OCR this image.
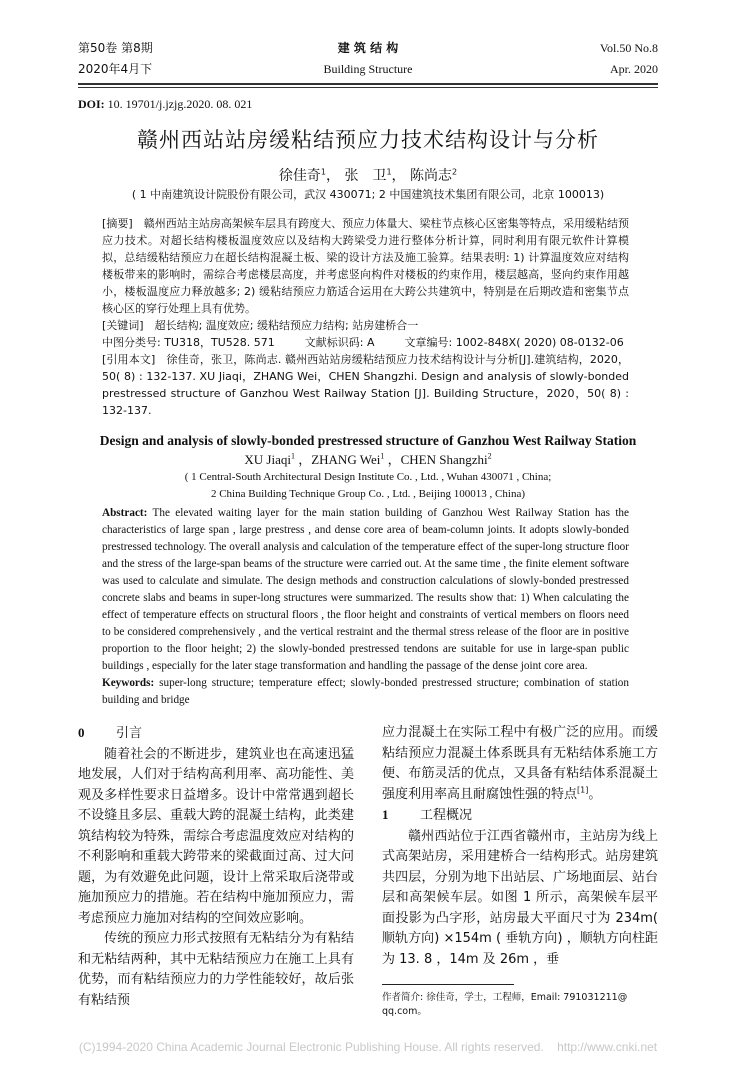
第50卷 第8期	建 筑 结 构	Vol.50 No.8
2020年4月下	Building Structure	Apr. 2020
DOI: 10. 19701/j.jzjg.2020. 08. 021
赣州西站站房缓粘结预应力技术结构设计与分析
徐佳奇$^1$， 张　卫$^1$， 陈尚志$^2$
( 1 中南建筑设计院股份有限公司，武汉 430071; 2 中国建筑技术集团有限公司，北京 100013)
[摘要]　赣州西站主站房高架候车层具有跨度大、预应力体量大、梁柱节点核心区密集等特点，采用缓粘结预应力技术。对超长结构楼板温度效应以及结构大跨梁受力进行整体分析计算，同时利用有限元软件计算模拟，总结缓粘结预应力在超长结构混凝土板、梁的设计方法及施工验算。结果表明: 1) 计算温度效应对结构楼板带来的影响时，需综合考虑楼层高度，并考虑竖向构件对楼板的约束作用，楼层越高，竖向约束作用越小，楼板温度应力释放越多; 2) 缓粘结预应力筋适合运用在大跨公共建筑中，特别是在后期改造和密集节点核心区的穿行处理上具有优势。
[关键词]　超长结构; 温度效应; 缓粘结预应力结构; 站房建桥合一
中图分类号: TU318，TU528. 571	文献标识码: A	文章编号: 1002-848X( 2020) 08-0132-06
[引用本文]　徐佳奇，张卫，陈尚志. 赣州西站站房缓粘结预应力技术结构设计与分析[J].建筑结构，2020，50( 8) : 132-137. XU Jiaqi，ZHANG Wei，CHEN Shangzhi. Design and analysis of slowly-bonded prestressed structure of Ganzhou West Railway Station [J]. Building Structure，2020，50( 8) : 132-137.
Design and analysis of slowly-bonded prestressed structure of Ganzhou West Railway Station
XU Jiaqi$^1$ ，ZHANG Wei$^1$ ，CHEN Shangzhi$^2$
( 1 Central-South Architectural Design Institute Co. , Ltd. , Wuhan 430071 , China;
2 China Building Technique Group Co. , Ltd. , Beijing 100013 , China)
Abstract: The elevated waiting layer for the main station building of Ganzhou West Railway Station has the characteristics of large span , large prestress , and dense core area of beam-column joints. It adopts slowly-bonded prestressed technology. The overall analysis and calculation of the temperature effect of the super-long structure floor and the stress of the large-span beams of the structure were carried out. At the same time , the finite element software was used to calculate and simulate. The design methods and construction calculations of slowly-bonded prestressed concrete slabs and beams in super-long structures were summarized. The results show that: 1) When calculating the effect of temperature effects on structural floors , the floor height and constraints of vertical members on floors need to be considered comprehensively , and the vertical restraint and the thermal stress release of the floor are in positive proportion to the floor height; 2) the slowly-bonded prestressed tendons are suitable for use in large-span public buildings , especially for the later stage transformation and handling the passage of the dense joint core area.
Keywords: super-long structure; temperature effect; slowly-bonded prestressed structure; combination of station building and bridge
0 引言

随着社会的不断进步，建筑业也在高速迅猛地发展，人们对于结构高利用率、高功能性、美观及多样性要求日益增多。设计中常常遇到超长不设缝且多层、重载大跨的混凝土结构，此类建筑结构较为特殊，需综合考虑温度效应对结构的不利影响和重载大跨带来的梁截面过高、过大问题，为有效避免此问题，设计上常采取后浇带或施加预应力的措施。若在结构中施加预应力，需考虑预应力施加对结构的空间效应影响。

传统的预应力形式按照有无粘结分为有粘结和无粘结两种，其中无粘结预应力在施工上具有优势，而有粘结预应力的力学性能较好，故后张有粘结预

应力混凝土在实际工程中有极广泛的应用。而缓粘结预应力混凝土体系既具有无粘结体系施工方便、布筋灵活的优点，又具备有粘结体系混凝土强度利用率高且耐腐蚀性强的特点[1]。

1 工程概况

赣州西站位于江西省赣州市，主站房为线上式高架站房，采用建桥合一结构形式。站房建筑共四层，分别为地下出站层、广场地面层、站台层和高架候车层。如图 1 所示，高架候车层平面投影为凸字形，站房最大平面尺寸为 234m( 顺轨方向) ×154m ( 垂轨方向) ，顺轨方向柱距为 13. 8 ，14m 及 26m ，垂

作者简介: 徐佳奇，学士，工程师，Email: 791031211@ qq.com。
(C)1994-2020 China Academic Journal Electronic Publishing House. All rights reserved.    http://www.cnki.net
